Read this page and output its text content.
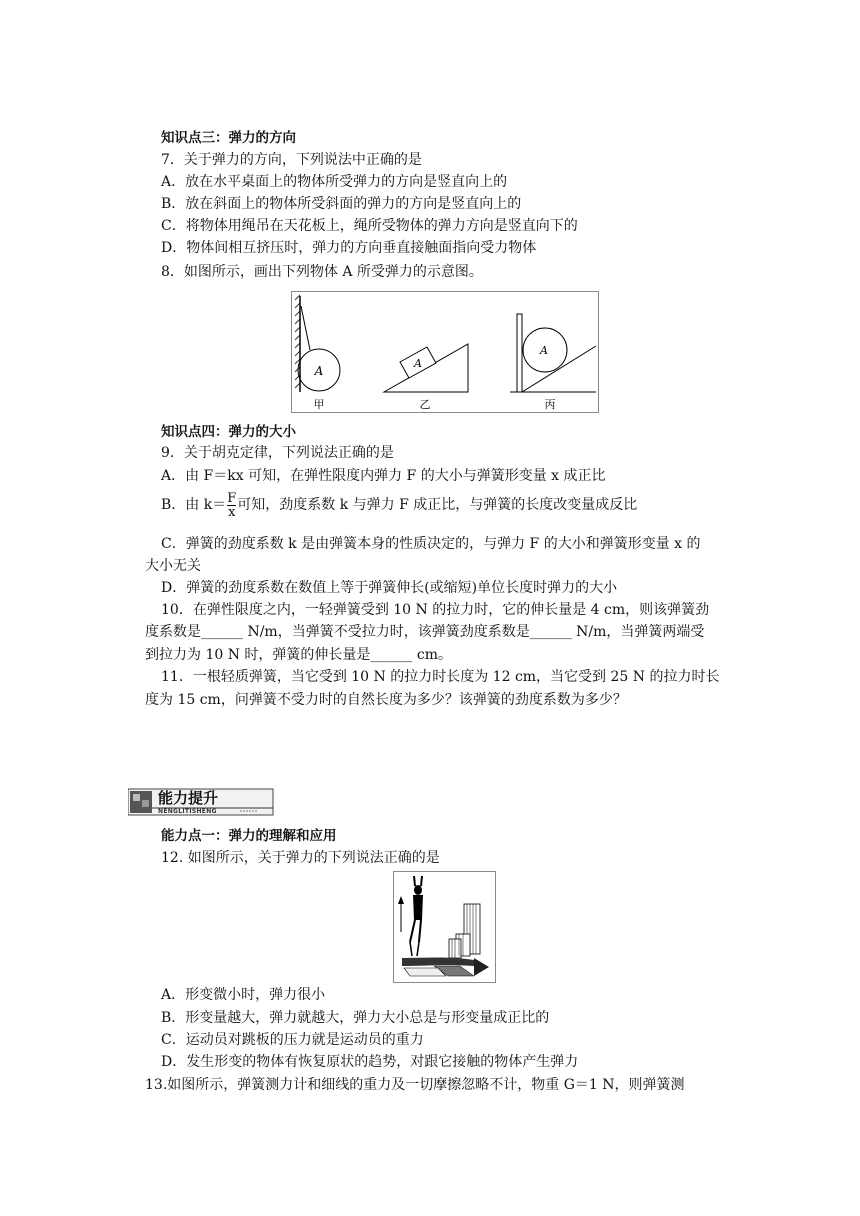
知识点三：弹力的方向
7．关于弹力的方向，下列说法中正确的是
A．放在水平桌面上的物体所受弹力的方向是竖直向上的
B．放在斜面上的物体所受斜面的弹力的方向是竖直向上的
C．将物体用绳吊在天花板上，绳所受物体的弹力方向是竖直向下的
D．物体间相互挤压时，弹力的方向垂直接触面指向受力物体
8．如图所示，画出下列物体 A 所受弹力的示意图。
A
A
A
甲	乙	丙
知识点四：弹力的大小
9．关于胡克定律，下列说法正确的是
A．由 F＝kx 可知，在弹性限度内弹力 F 的大小与弹簧形变量 x 成正比
B．由 $k= \frac{F}{x}$ 可知，劲度系数 k 与弹力 F 成正比，与弹簧的长度改变量成反比
C．弹簧的劲度系数 k 是由弹簧本身的性质决定的，与弹力 F 的大小和弹簧形变量 x 的
大小无关
D．弹簧的劲度系数在数值上等于弹簧伸长(或缩短)单位长度时弹力的大小
10．在弹性限度之内，一轻弹簧受到 10 N 的拉力时，它的伸长量是 4 cm，则该弹簧劲
度系数是______ N/m，当弹簧不受拉力时，该弹簧劲度系数是______ N/m，当弹簧两端受
到拉力为 10 N 时，弹簧的伸长量是______ cm。
11．一根轻质弹簧，当它受到 10 N 的拉力时长度为 12 cm，当它受到 25 N 的拉力时长
度为 15 cm，问弹簧不受力时的自然长度为多少？该弹簧的劲度系数为多少？
能力提升
NENGLITISHENG
能力点一：弹力的理解和应用
12. 如图所示，关于弹力的下列说法正确的是
A．形变微小时，弹力很小
B．形变量越大，弹力就越大，弹力大小总是与形变量成正比的
C．运动员对跳板的压力就是运动员的重力
D．发生形变的物体有恢复原状的趋势，对跟它接触的物体产生弹力
13.如图所示，弹簧测力计和细线的重力及一切摩擦忽略不计，物重 G＝1 N，则弹簧测
